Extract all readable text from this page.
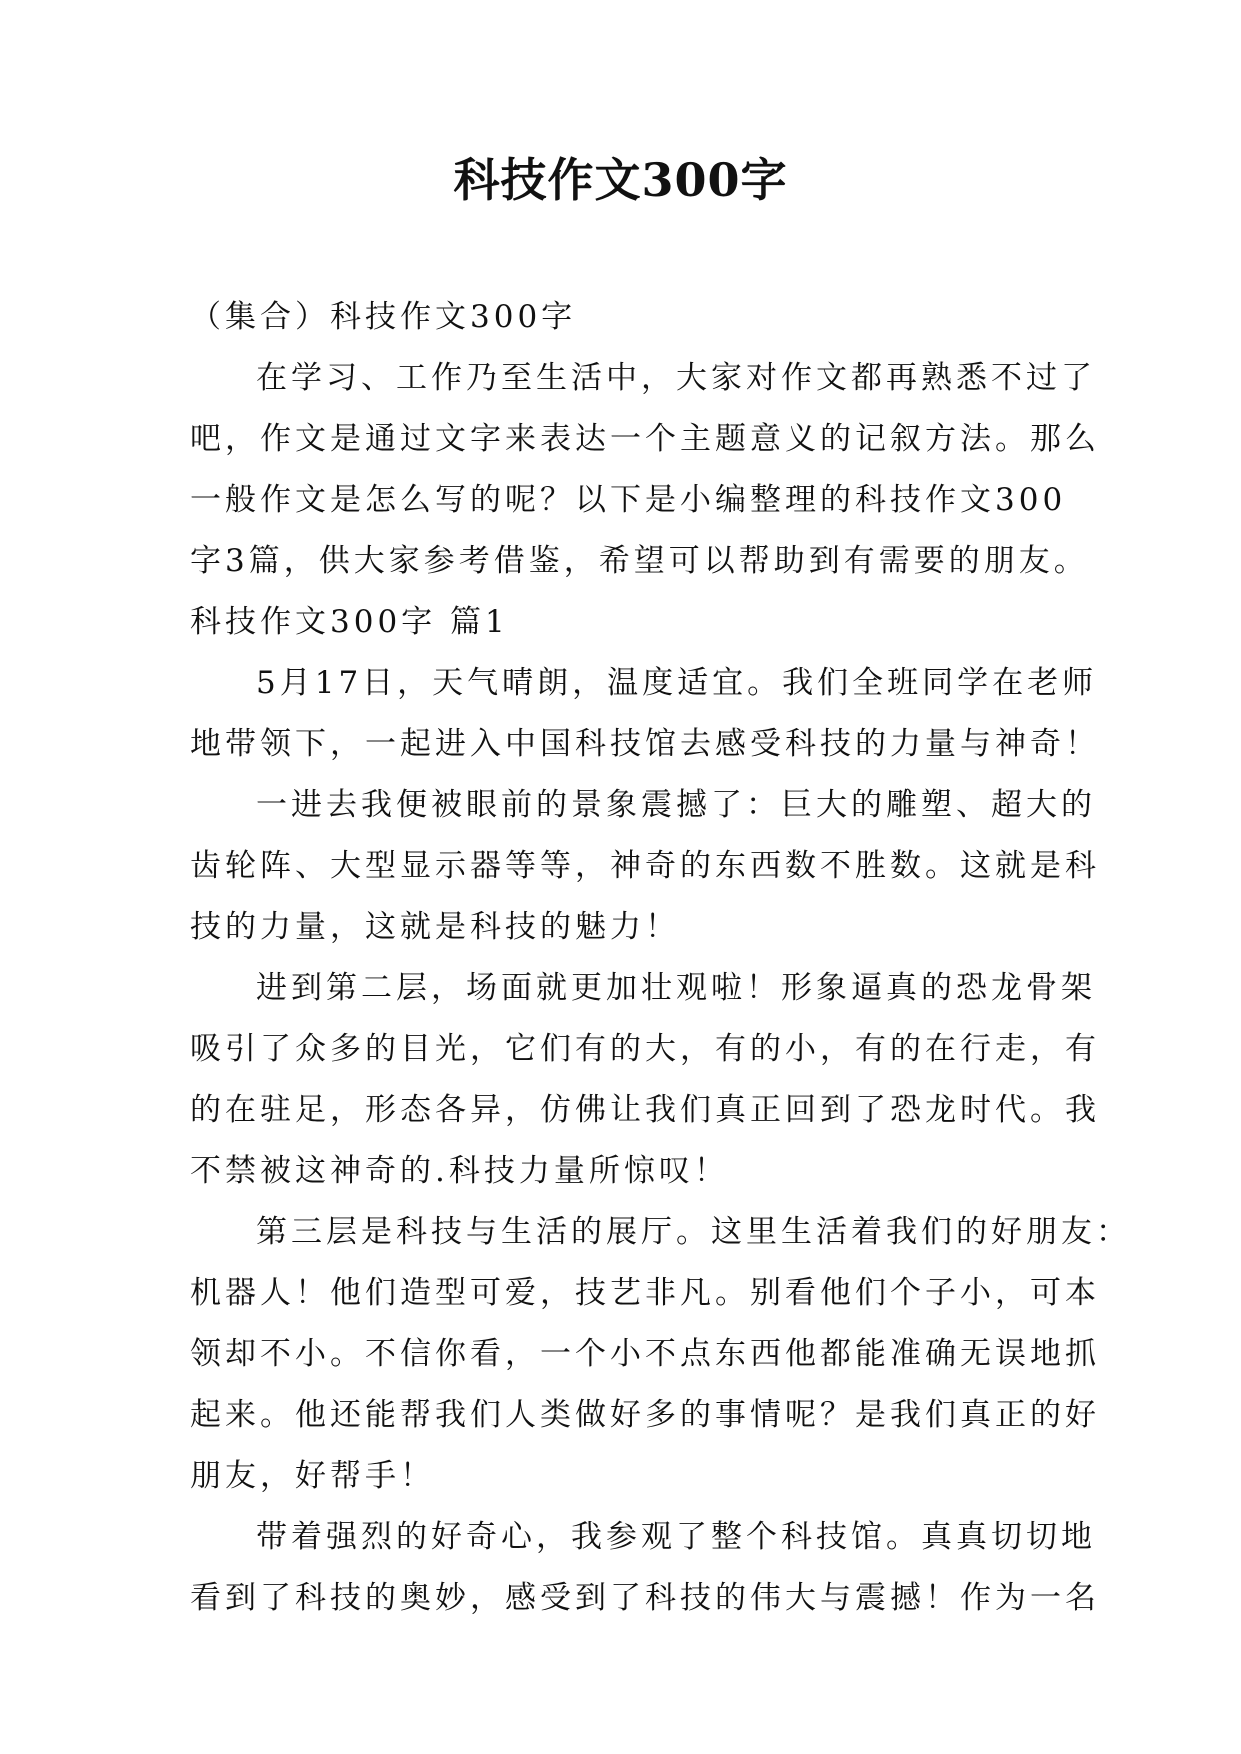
科技作文300字
（集合）科技作文300字
在学习、工作乃至生活中，大家对作文都再熟悉不过了
吧，作文是通过文字来表达一个主题意义的记叙方法。那么
一般作文是怎么写的呢？以下是小编整理的科技作文300
字3篇，供大家参考借鉴，希望可以帮助到有需要的朋友。
科技作文300字 篇1
5月17日，天气晴朗，温度适宜。我们全班同学在老师
地带领下，一起进入中国科技馆去感受科技的力量与神奇！
一进去我便被眼前的景象震撼了：巨大的雕塑、超大的
齿轮阵、大型显示器等等，神奇的东西数不胜数。这就是科
技的力量，这就是科技的魅力！
进到第二层，场面就更加壮观啦！形象逼真的恐龙骨架
吸引了众多的目光，它们有的大，有的小，有的在行走，有
的在驻足，形态各异，仿佛让我们真正回到了恐龙时代。我
不禁被这神奇的.科技力量所惊叹！
第三层是科技与生活的展厅。这里生活着我们的好朋友：
机器人！他们造型可爱，技艺非凡。别看他们个子小，可本
领却不小。不信你看，一个小不点东西他都能准确无误地抓
起来。他还能帮我们人类做好多的事情呢？是我们真正的好
朋友，好帮手！
带着强烈的好奇心，我参观了整个科技馆。真真切切地
看到了科技的奥妙，感受到了科技的伟大与震撼！作为一名
